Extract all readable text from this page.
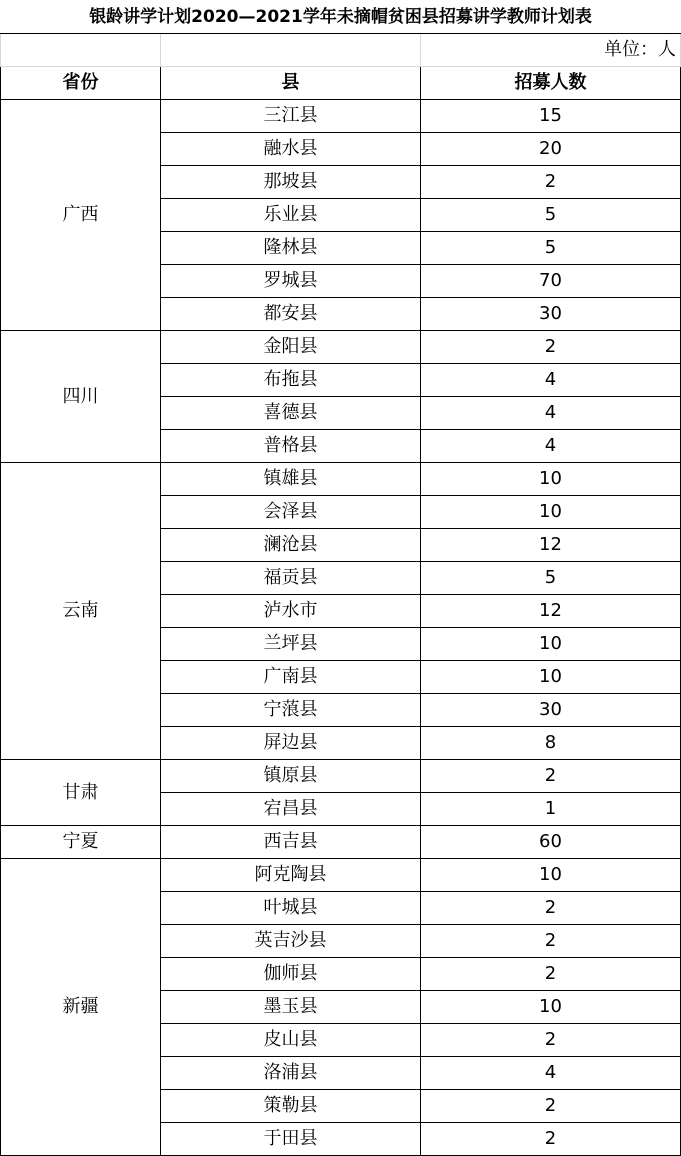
银龄讲学计划2020—2021学年未摘帽贫困县招募讲学教师计划表		
		单位：人
省份	县	招募人数
广西	三江县	15
	融水县	20
	那坡县	2
	乐业县	5
	隆林县	5
	罗城县	70
	都安县	30
四川	金阳县	2
	布拖县	4
	喜德县	4
	普格县	4
云南	镇雄县	10
	会泽县	10
	澜沧县	12
	福贡县	5
	泸水市	12
	兰坪县	10
	广南县	10
	宁蒗县	30
	屏边县	8
甘肃	镇原县	2
	宕昌县	1
宁夏	西吉县	60
新疆	阿克陶县	10
	叶城县	2
	英吉沙县	2
	伽师县	2
	墨玉县	10
	皮山县	2
	洛浦县	4
	策勒县	2
	于田县	2
